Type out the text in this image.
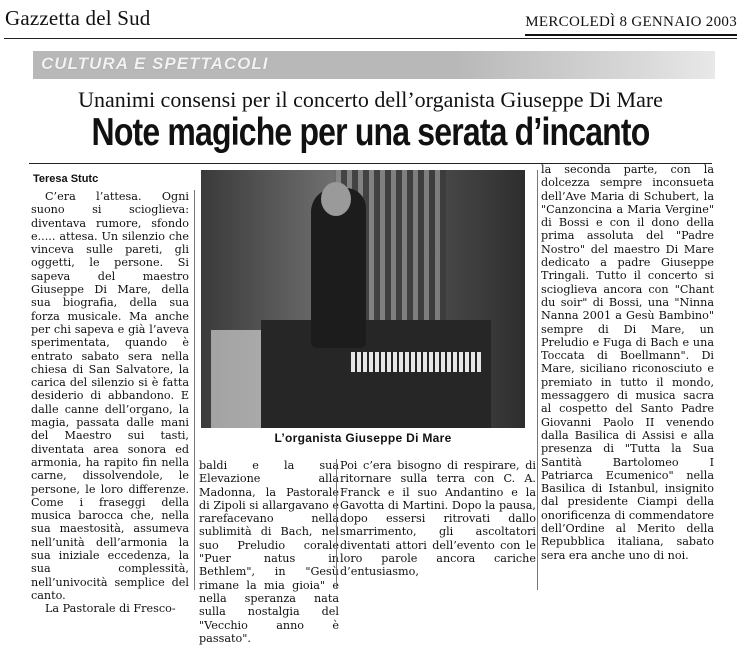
Gazzetta del Sud	MERCOLEDÌ 8 GENNAIO 2003
CULTURA E SPETTACOLI
Unanimi consensi per il concerto dell’organista Giuseppe Di Mare
Note magiche per una serata d’incanto
Teresa Stutc

C’era l’attesa. Ogni suono si scioglieva: diventava rumore, sfondo e..... attesa. Un silenzio che vinceva sulle pareti, gli oggetti, le persone. Si sapeva del maestro Giuseppe Di Mare, della sua biografia, della sua forza musicale. Ma anche per chi sapeva e già l’aveva sperimentata, quando è entrato sabato sera nella chiesa di San Salvatore, la carica del silenzio si è fatta desiderio di abbandono. E dalle canne dell’organo, la magia, passata dalle mani del Maestro sui tasti, diventata area sonora ed armonia, ha rapito fin nella carne, dissolvendole, le persone, le loro differenze. Come i fraseggi della musica barocca che, nella sua maestosità, assumeva nell’unità dell’armonia la sua iniziale eccedenza, la sua complessità, nell’univocità semplice del canto.

La Pastorale di Fresco-

L’organista Giuseppe Di Mare

baldi e la sua Elevazione alla Madonna, la Pastorale di Zipoli si allargavano e rarefacevano nella sublimità di Bach, nel suo Preludio corale "Puer natus in Bethlem", in "Gesù rimane la mia gioia" e nella speranza nata sulla nostalgia del "Vecchio anno è passato".

Poi c’era bisogno di respirare, di ritornare sulla terra con C. A. Franck e il suo Andantino e la Gavotta di Martini. Dopo la pausa, dopo essersi ritrovati dallo smarrimento, gli ascoltatori diventati attori dell’evento con le loro parole ancora cariche d’entusiasmo,

la seconda parte, con la dolcezza sempre inconsueta dell’Ave Maria di Schubert, la "Canzoncina a Maria Vergine" di Bossi e con il dono della prima assoluta del "Padre Nostro" del maestro Di Mare dedicato a padre Giuseppe Tringali. Tutto il concerto si scioglieva ancora con "Chant du soir" di Bossi, una "Ninna Nanna 2001 a Gesù Bambino" sempre di Di Mare, un Preludio e Fuga di Bach e una Toccata di Boellmann". Di Mare, siciliano riconosciuto e premiato in tutto il mondo, messaggero di musica sacra al cospetto del Santo Padre Giovanni Paolo II venendo dalla Basilica di Assisi e alla presenza di "Tutta la Sua Santità Bartolomeo I Patriarca Ecumenico" nella Basilica di Istanbul, insignito dal presidente Ciampi della onorificenza di commendatore dell’Ordine al Merito della Repubblica italiana, sabato sera era anche uno di noi.
